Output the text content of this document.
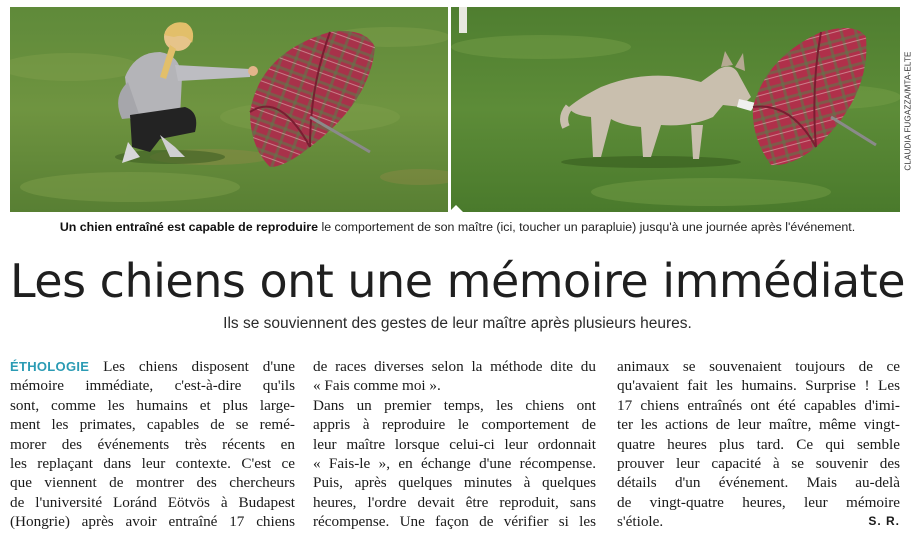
CLAUDIA FUGAZZA/MTA-ELTE
Un chien entraîné est capable de reproduire le comportement de son maître (ici, toucher un parapluie) jusqu'à une journée après l'événement.
Les chiens ont une mémoire immédiate
Ils se souviennent des gestes de leur maître après plusieurs heures.
ÉTHOLOGIE Les chiens disposent d'une
mémoire immédiate, c'est-à-dire qu'ils
sont, comme les humains et plus large-
ment les primates, capables de se remé-
morer des événements très récents en
les replaçant dans leur contexte. C'est ce
que viennent de montrer des chercheurs
de l'université Loránd Eötvös à Budapest
(Hongrie) après avoir entraîné 17 chiens
de races diverses selon la méthode dite du
« Fais comme moi ».
Dans un premier temps, les chiens ont
appris à reproduire le comportement de
leur maître lorsque celui-ci leur ordonnait
« Fais-le », en échange d'une récompense.
Puis, après quelques minutes à quelques
heures, l'ordre devait être reproduit, sans
récompense. Une façon de vérifier si les
animaux se souvenaient toujours de ce
qu'avaient fait les humains. Surprise ! Les
17 chiens entraînés ont été capables d'imi-
ter les actions de leur maître, même vingt-
quatre heures plus tard. Ce qui semble
prouver leur capacité à se souvenir des
détails d'un événement. Mais au-delà
de vingt-quatre heures, leur mémoire
s'étiole.	S. R.
